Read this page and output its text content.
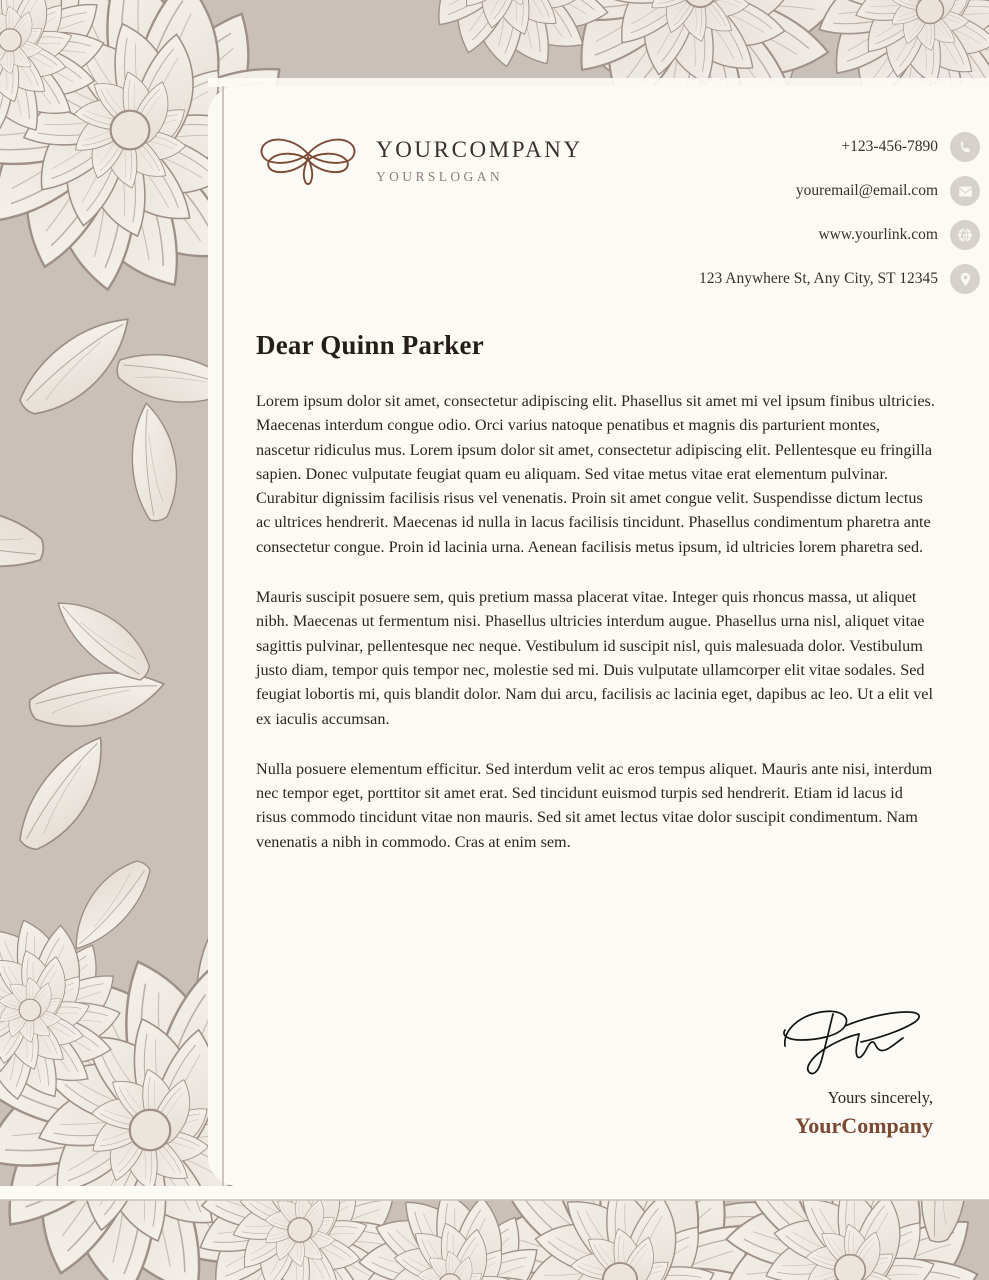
YOURCOMPANY
YOURSLOGAN
+123-456-7890
youremail@email.com
www.yourlink.com
123 Anywhere St, Any City, ST 12345
Dear Quinn Parker

Lorem ipsum dolor sit amet, consectetur adipiscing elit. Phasellus sit amet mi vel ipsum finibus ultricies. Maecenas interdum congue odio. Orci varius natoque penatibus et magnis dis parturient montes, nascetur ridiculus mus. Lorem ipsum dolor sit amet, consectetur adipiscing elit. Pellentesque eu fringilla sapien. Donec vulputate feugiat quam eu aliquam. Sed vitae metus vitae erat elementum pulvinar. Curabitur dignissim facilisis risus vel venenatis. Proin sit amet congue velit. Suspendisse dictum lectus ac ultrices hendrerit. Maecenas id nulla in lacus facilisis tincidunt. Phasellus condimentum pharetra ante consectetur congue. Proin id lacinia urna. Aenean facilisis metus ipsum, id ultricies lorem pharetra sed.

Mauris suscipit posuere sem, quis pretium massa placerat vitae. Integer quis rhoncus massa, ut aliquet nibh. Maecenas ut fermentum nisi. Phasellus ultricies interdum augue. Phasellus urna nisl, aliquet vitae sagittis pulvinar, pellentesque nec neque. Vestibulum id suscipit nisl, quis malesuada dolor. Vestibulum justo diam, tempor quis tempor nec, molestie sed mi. Duis vulputate ullamcorper elit vitae sodales. Sed feugiat lobortis mi, quis blandit dolor. Nam dui arcu, facilisis ac lacinia eget, dapibus ac leo. Ut a elit vel ex iaculis accumsan.

Nulla posuere elementum efficitur. Sed interdum velit ac eros tempus aliquet. Mauris ante nisi, interdum nec tempor eget, porttitor sit amet erat. Sed tincidunt euismod turpis sed hendrerit. Etiam id lacus id risus commodo tincidunt vitae non mauris. Sed sit amet lectus vitae dolor suscipit condimentum. Nam venenatis a nibh in commodo. Cras at enim sem.

Yours sincerely,
YourCompany
